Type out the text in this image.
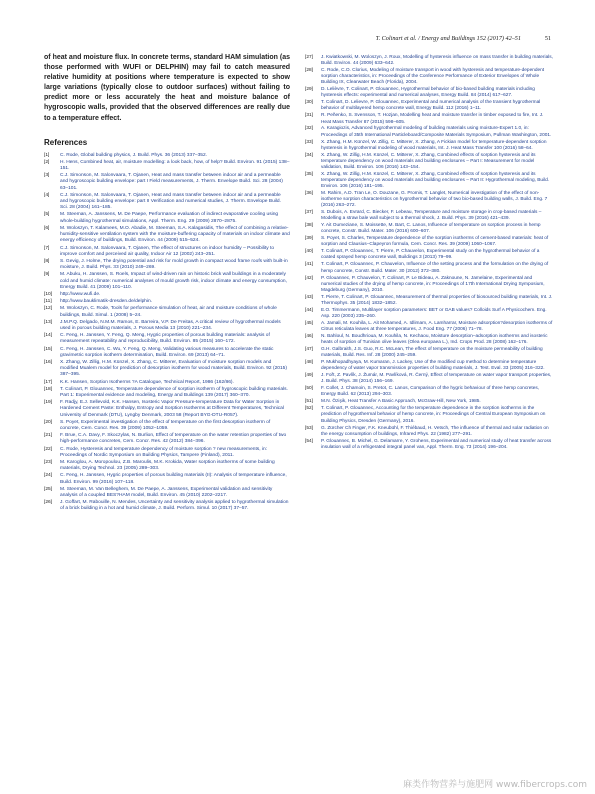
T. Colinart et al. / Energy and Buildings 152 (2017) 42–51	51

of heat and moisture flux. In concrete terms, standard HAM simulation (as those performed with WUFI or DELPHIN) may fail to catch measured relative humidity at positions where temperature is expected to show large variations (typically close to outdoor surfaces) without failing to predict more or less accurately the heat and moisture balance of hygroscopic walls, provided that the observed differences are really due to a temperature effect.

References
[1] C. Rode, Global building physics, J. Build. Phys. 36 (2013) 337–352.
[2] H. Hens, Combined heat, air, moisture modelling: a look back, how, of help? Build. Environ. 91 (2015) 138–151.
[3] C.J. Simonson, M. Salonvaara, T. Ojanen, Heat and mass transfer between indoor air and a permeable and hygroscopic building envelope: part I Field measurements, J. Therm. Envelope Build. Sci. 28 (2004) 63–101.
[4] C.J. Simonson, M. Salonvaara, T. Ojanen, Heat and mass transfer between indoor air and a permeable and hygroscopic building envelope: part II Verification and numerical studies, J. Therm. Envelope Build. Sci. 28 (2004) 161–185.
[5] M. Steeman, A. Janssens, M. De Paepe, Performance evaluation of indirect evaporative cooling using whole-building hygrothermal simulations, Appl. Therm. Eng. 29 (2009) 2870–2875.
[6] M. Woloszyn, T. Kalamees, M.O. Abadie, M. Steeman, S.A. Kalagasidis, The effect of combining a relative-humidity-sensitive ventilation system with the moisture-buffering capacity of materials on indoor climate and energy efficiency of buildings, Build. Environ. 44 (2009) 515–524.
[7] C.J. Simonson, M. Salonvaara, T. Ojanen, The effect of structures on indoor humidity – Possibility to improve comfort and perceived air quality, Indoor Air 12 (2002) 243–251.
[8] S. Gevig, J. Holme, The drying potential and risk for mold growth in compact wood frame roofs with built-in moisture, J. Build. Phys. 33 (2010) 249–269.
[9] M. Abuku, H. Janssen, S. Roels, Impact of wind-driven rain on historic brick wall buildings in a moderately cold and humid climate: numerical analyses of mould growth risk, indoor climate and energy consumption, Energy Build. 41 (2009) 101–110.
[10] http://www.wufi.de.
[11] http://www.bauklimatik-dresden.de/delphin.
[12] M. Woloszyn, C. Rode, Tools for performance simulation of heat, air and moisture conditions of whole buildings, Build. Simul. 1 (2008) 5–24.
[13] J.M.P.Q. Delgado, N.M.M. Ramos, E. Barreira, V.P. De Freitas, A critical review of hygrothermal models used in porous building materials, J. Porous Media 13 (2010) 221–234.
[14] C. Feng, H. Janssen, Y. Feng, Q. Meng, Hygric properties of porous building materials: analysis of measurement repeatability and reproducibility, Build. Environ. 85 (2015) 160–172.
[15] C. Feng, H. Janssen, C. Wu, Y. Feng, Q. Meng, Validating various measures to accelerate the static gravimetric sorption isotherm determination, Build. Environ. 69 (2013) 64–71.
[16] X. Zhang, W. Zillig, H.M. Künzel, X. Zhang, C. Mitterer, Evaluation of moisture sorption models and modified Mualem model for prediction of desorption isotherm for wood materials, Build. Environ. 92 (2015) 387–395.
[17] K.K. Hansen, Sorption Isotherms ?A Catalogue, Technical Report, 1986 (162/86).
[18] T. Colinart, P. Glouannec, Temperature dependence of sorption isotherm of hygroscopic building materials. Part 1: Experimental evidence and modeling, Energy and Buildings 139 (2017) 360–370.
[19] F. Radjy, E.J. Sellevold, K.K. Hansen, Isosteric Vapor Pressure-temperature Data for Water Sorption in Hardened Cement Paste: Enthalpy, Entropy and Sorption Isotherms at Different Temperatures, Technical University of Denmark (DTU), Lyngby Denmark, 2003 58 (Report BYG-DTU-R057).
[20] S. Poyet, Experimental investigation of the effect of temperature on the first desorption isotherm of concrete, Cem. Concr. Res. 39 (2009) 1052–1059.
[21] F. Brue, C.A. Davy, F. Skoczylas, N. Burlion, Effect of temperature on the water retention properties of two high-performance concretes, Cem. Concr. Res. 42 (2012) 384–396.
[22] C. Rode, Hysteresis and temperature dependency of moisture sorption ? new measurements, in: Proceedings of Nordic Symposium on Building Physics, Tampere (Finland), 2011.
[23] M. Karoglou, A. Moropoulou, Z.B. Maroulis, M.K. Krokida, Water sorption isotherms of some building materials, Drying Technol. 23 (2005) 289–303.
[24] C. Feng, H. Janssen, Hygric properties of porous building materials (II): Analysis of temperature influence, Build. Environ. 99 (2016) 107–118.
[25] M. Steeman, M. Van Belleghem, M. De Paepe, A. Janssens, Experimental validation and sensitivity analysis of a coupled BES?HAM model, Build. Environ. 45 (2010) 2202–2217.
[26] J. Goffart, M. Rabouille, N. Mendes, Uncertainty and sensitivity analysis applied to hygrothermal simulation of a brick building in a hot and humid climate, J. Build. Perform. Simul. 10 (2017) 37–57.
[27] J. Kwiatkowski, M. Woloszyn, J. Roux, Modelling of hysteresis influence on mass transfer in building materials, Build. Environ. 44 (2009) 633–642.
[28] C. Rode, C.O. Clorius, Modeling of moisture transport in wood with hysteresis and temperature-dependent sorption characteristics, in: Proceedings of the Conference Performance of Exterior Envelopes of Whole Building IX, Clearwater Beach (Florida), 2004.
[29] D. Lelièvre, T. Colinart, P. Glouannec, Hygrothermal behavior of bio-based building materials including hysteresis effects: experimental and numerical analyses, Energy Build. 84 (2014) 617–627.
[30] T. Colinart, D. Lelievre, P. Glouannec, Experimental and numerical analysis of the transient hygrothermal behavior of multilayered hemp concrete wall, Energy Build. 112 (2016) 1–11.
[31] R. Peñenko, S. Svensson, T. Hozjan, Modelling heat and moisture transfer in timber exposed to fire, Int. J. Heat Mass Transfer 87 (2015) 598–605.
[32] A. Karagiozis, Advanced hygrothermal modeling of building materials using moisture-Expert 1.0, in: Proceedings of 35th International Particleboard/Composite Materials Symposium, Pullman Washington, 2001.
[33] X. Zhang, H.M. Künzel, W. Zillig, C. Mitterer, X. Zhang, A Fickian model for temperature-dependent sorption hysteresis in hygrothermal modeling of wood materials, Int. J. Heat Mass Transfer 100 (2016) 58–64.
[34] X. Zhang, W. Zillig, H.M. Künzel, C. Mitterer, X. Zhang, Combined effects of sorption hysteresis and its temperature dependency on wood materials and building enclosures – Part I: Measurement for model validation, Build. Environ. 106 (2016) 143–154.
[35] X. Zhang, W. Zillig, H.M. Künzel, C. Mitterer, X. Zhang, Combined effects of sorption hysteresis and its temperature dependency on wood materials and building enclosures – Part II: Hygrothermal modeling, Build. Environ. 106 (2016) 181–195.
[36] M. Rahim, A.D. Tran Le, O. Douzane, G. Promis, T. Langlet, Numerical investigation of the effect of non-isotherme sorption characteristics on hygrothermal behavior of two bio-based building walls, J. Build. Eng. 7 (2016) 263–272.
[37] S. Dubois, A. Evrard, C. Biecker, F. Lebeau, Temperature and moisture storage in crop-based materials – Modelling a straw bale wall subject to a thermal shock, J. Build. Phys. 39 (2016) 421–439.
[38] Y. Ait Oumeziane, S. Moissette, M. Bart, C. Lanos, Influence of temperature on sorption process in hemp concrete, Constr. Build. Mater. 106 (2016) 600–607.
[39] S. Poyet, S. Charles, Temperature dependence of the sorption isotherms of cement-based materials: heat of sorption and Clausius–Clapeyron formula, Cem. Concr. Res. 39 (2009) 1060–1067.
[40] T. Colinart, P. Glouannec, T. Pierre, P. Chauvelon, Experimental study on the hygrothermal behavior of a coated sprayed hemp concrete wall, Buildings 3 (2013) 79–99.
[41] T. Colinart, P. Glouannec, P. Chauvelon, Influence of the setting process and the formulation on the drying of hemp concrete, Constr. Build. Mater. 30 (2012) 372–380.
[42] P. Glouannec, P. Chauvelon, T. Colinart, P. Le Bideau, A. Zaknoune, N. Jamelaine, Experimental and numerical studies of the drying of hemp concrete, in: Proceedings of 17th International Drying Symposium, Magdeburg (Germany), 2010.
[43] T. Pierre, T. Colinart, P. Glouannec, Measurement of thermal properties of biosourced building materials, Int. J. Thermophys. 35 (2014) 1832–1852.
[44] E.O. Timmermann, Multilayer sorption parameters: BET or GAB values? Colloids Surf A Physicochem. Eng. Asp. 220 (2003) 235–260.
[45] A. Jamali, M. Kouhila, L. Ait Mohamed, A. Idlimam, A. Lamharrar, Moisture adsorption?desorption isotherms of Citrus reticulata leaves at three temperatures, J. Food Eng. 77 (2006) 71–78.
[46] N. Bahloul, N. Boudhrioua, M. Kouhila, N. Kechaou, Moisture desorption–adsorption isotherms and isosteric heats of sorption of Tunisian olive leaves (Olea europaea L.), Ind. Crops Prod. 28 (2008) 162–176.
[47] G.H. Galbraith, J.S. Guo, R.C. McLean, The effect of temperature on the moisture permeability of building materials, Build. Res. Inf. 28 (2000) 245–259.
[48] P. Mukhopadhyaya, M. Kumaran, J. Lackey, Use of the modified cup method to determine temperature dependency of water vapor transmission properties of building materials, J. Test. Eval. 33 (2005) 316–322.
[49] J. Fořt, Z. Pavlík, J. Žumár, M. Pavlíková, R. Černý, Effect of temperature on water vapor transport properties, J. Build. Phys. 38 (2014) 156–169.
[50] F. Collet, J. Chamoin, S. Pretot, C. Lanos, Comparison of the hygric behaviour of three hemp concretes, Energy Build. 62 (2013) 294–303.
[51] M.N. Özişik, Heat Transfer A Basic Approach, McGraw-Hill, New York, 1985.
[52] T. Colinart, P. Glouannec, Accounting for the temperature dependence in the sorption isotherms in the prediction of hygrothermal behavior of hemp concrete, in: Proceedings of Central European Symposium on Building Physics, Dresden (Germany), 2016.
[53] G. Zürcher Ch Finger, F.K. Kneubühl, F. Thiébaud, H. Vetsch, The influence of thermal and solar radiation on the energy consumption of buildings, Infrared Phys. 22 (1982) 277–291.
[54] P. Glouannec, B. Michel, G. Delamarre, Y. Grohens, Experimental and numerical study of heat transfer across insulation wall of a refrigerated integral panel van, Appl. Therm. Eng. 73 (2014) 196–204.
麻类作物营养与施肥网 www.fibercrops.com
